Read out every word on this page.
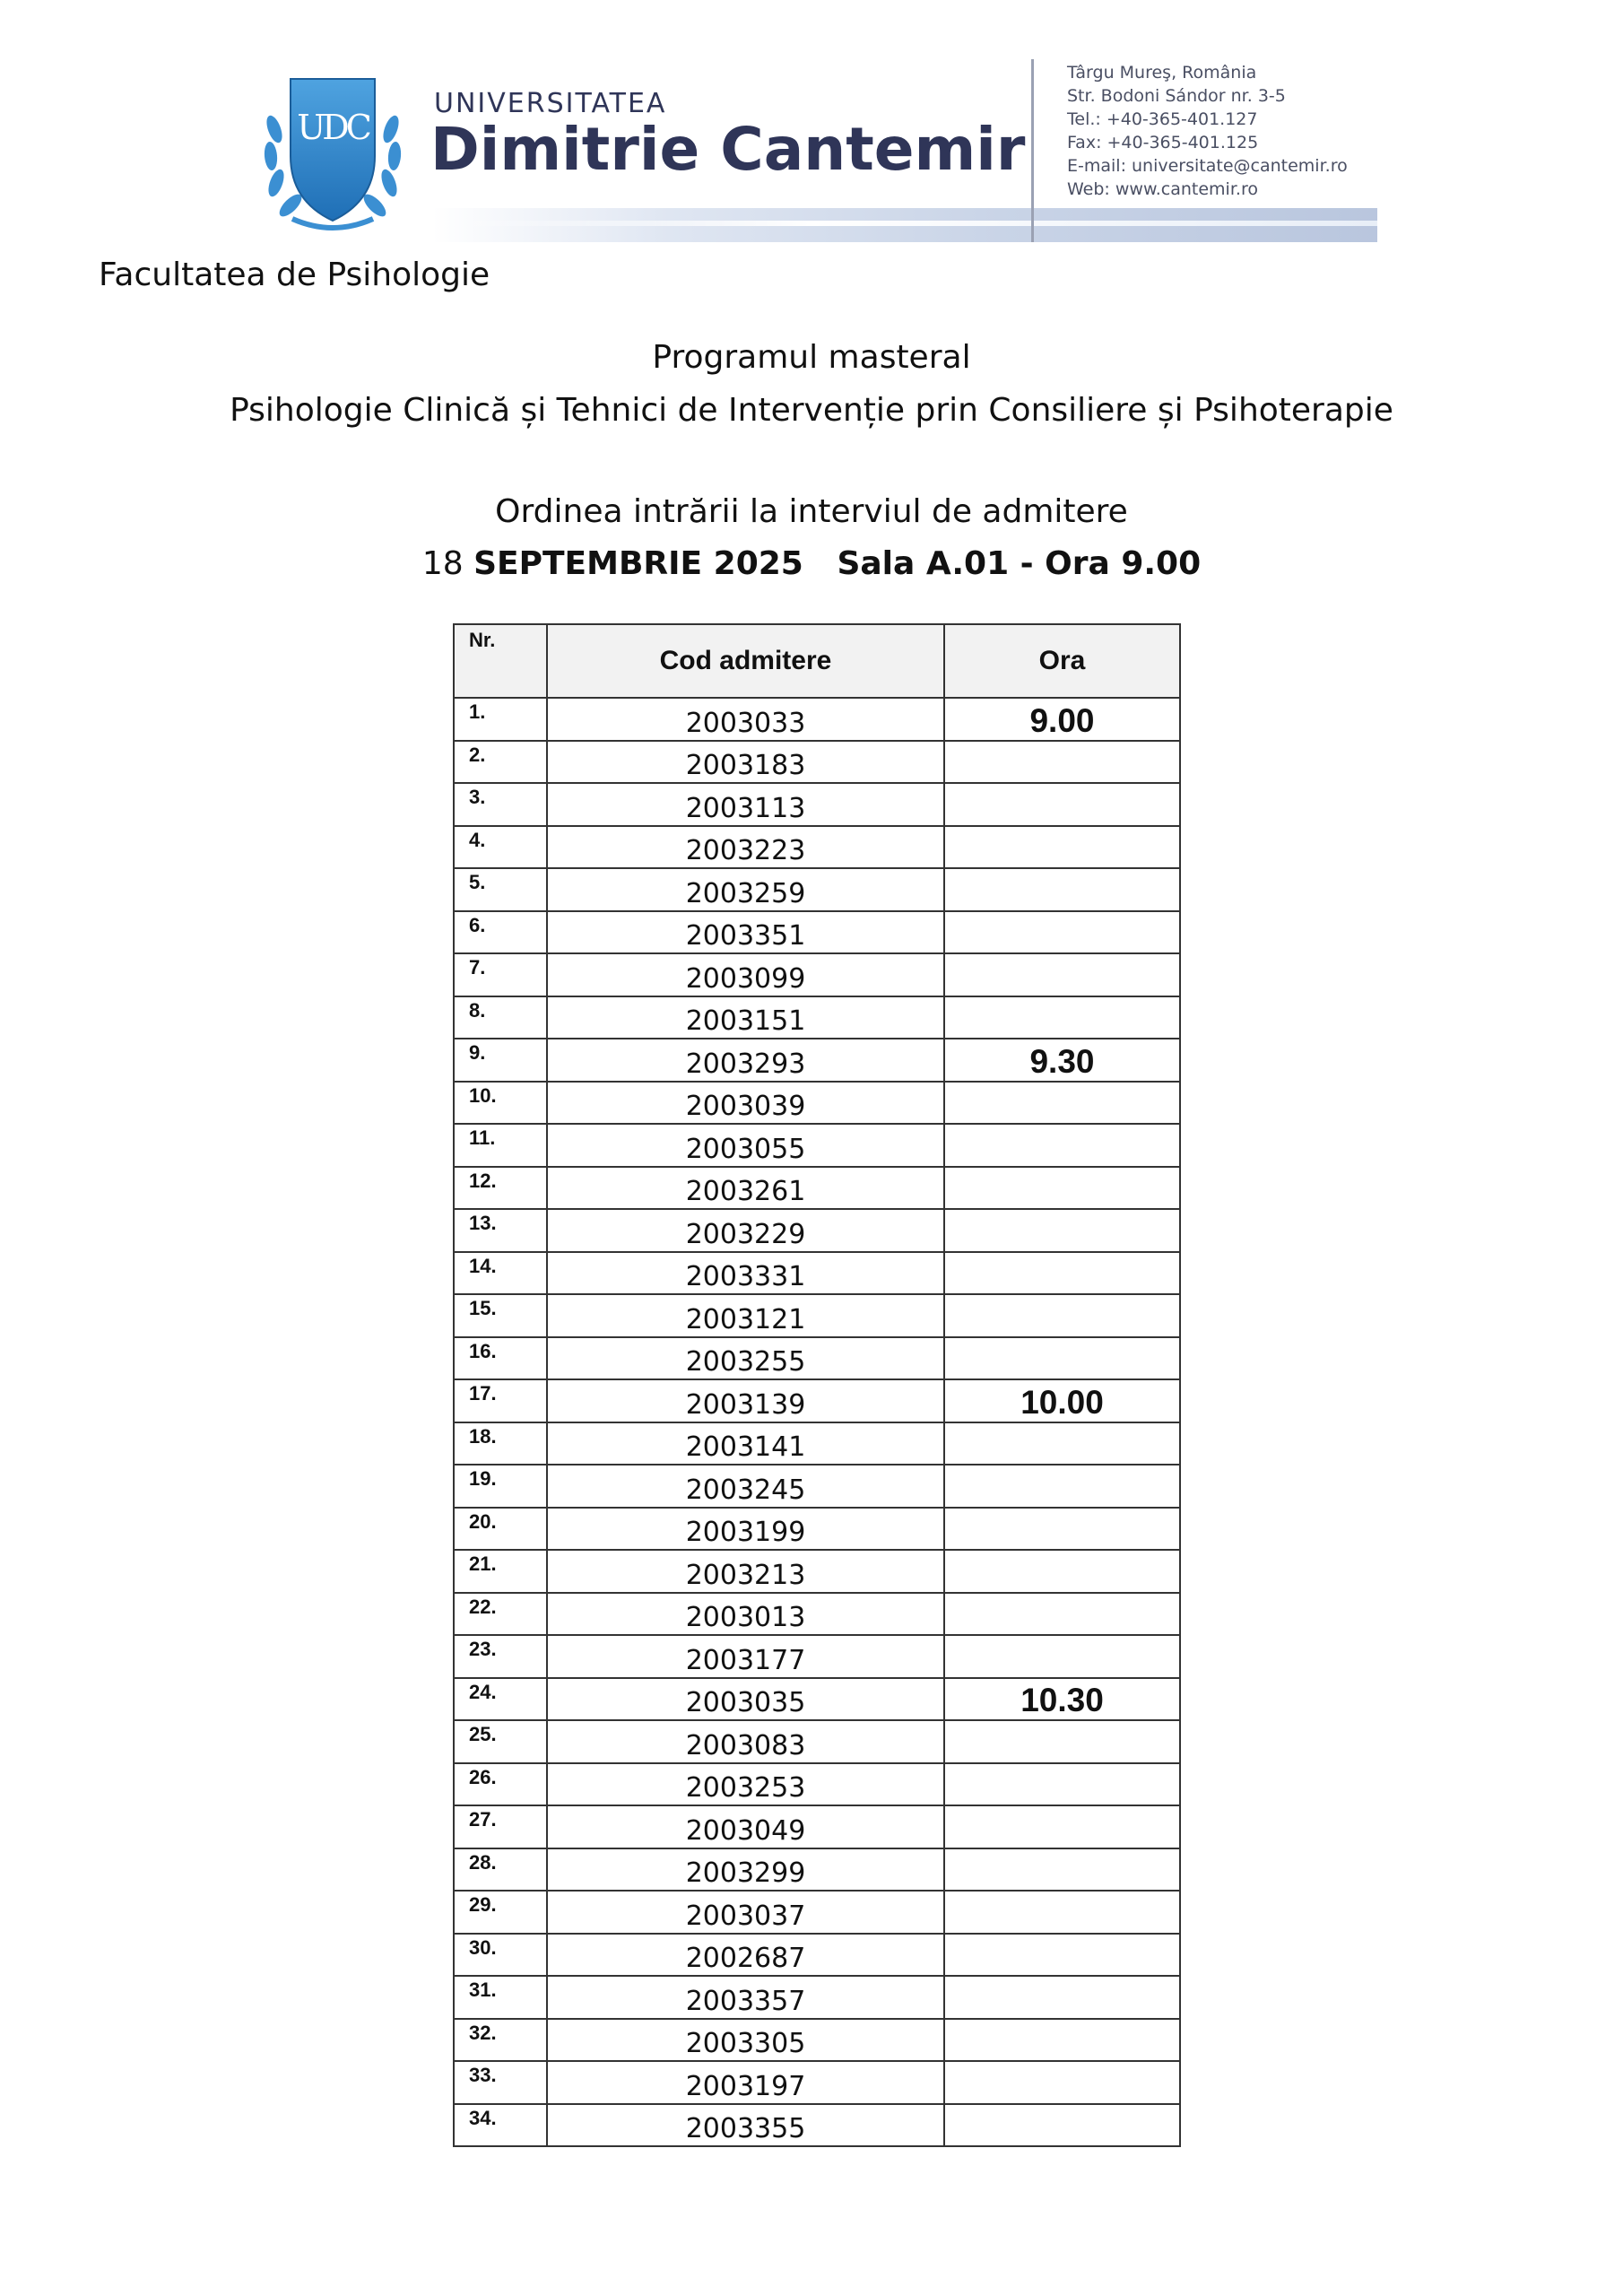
UDC
UNIVERSITATEA
Dimitrie Cantemir
Târgu Mureş, România
Str. Bodoni Sándor nr. 3-5
Tel.: +40-365-401.127
Fax: +40-365-401.125
E-mail: universitate@cantemir.ro
Web: www.cantemir.ro
Facultatea de Psihologie
Programul masteral
Psihologie Clinică și Tehnici de Intervenție prin Consiliere și Psihoterapie
Ordinea intrării la interviul de admitere
18 SEPTEMBRIE 2025   Sala A.01 - Ora 9.00
Nr.	Cod admitere	Ora
1.	2003033	9.00
2.	2003183	
3.	2003113	
4.	2003223	
5.	2003259	
6.	2003351	
7.	2003099	
8.	2003151	
9.	2003293	9.30
10.	2003039	
11.	2003055	
12.	2003261	
13.	2003229	
14.	2003331	
15.	2003121	
16.	2003255	
17.	2003139	10.00
18.	2003141	
19.	2003245	
20.	2003199	
21.	2003213	
22.	2003013	
23.	2003177	
24.	2003035	10.30
25.	2003083	
26.	2003253	
27.	2003049	
28.	2003299	
29.	2003037	
30.	2002687	
31.	2003357	
32.	2003305	
33.	2003197	
34.	2003355	
